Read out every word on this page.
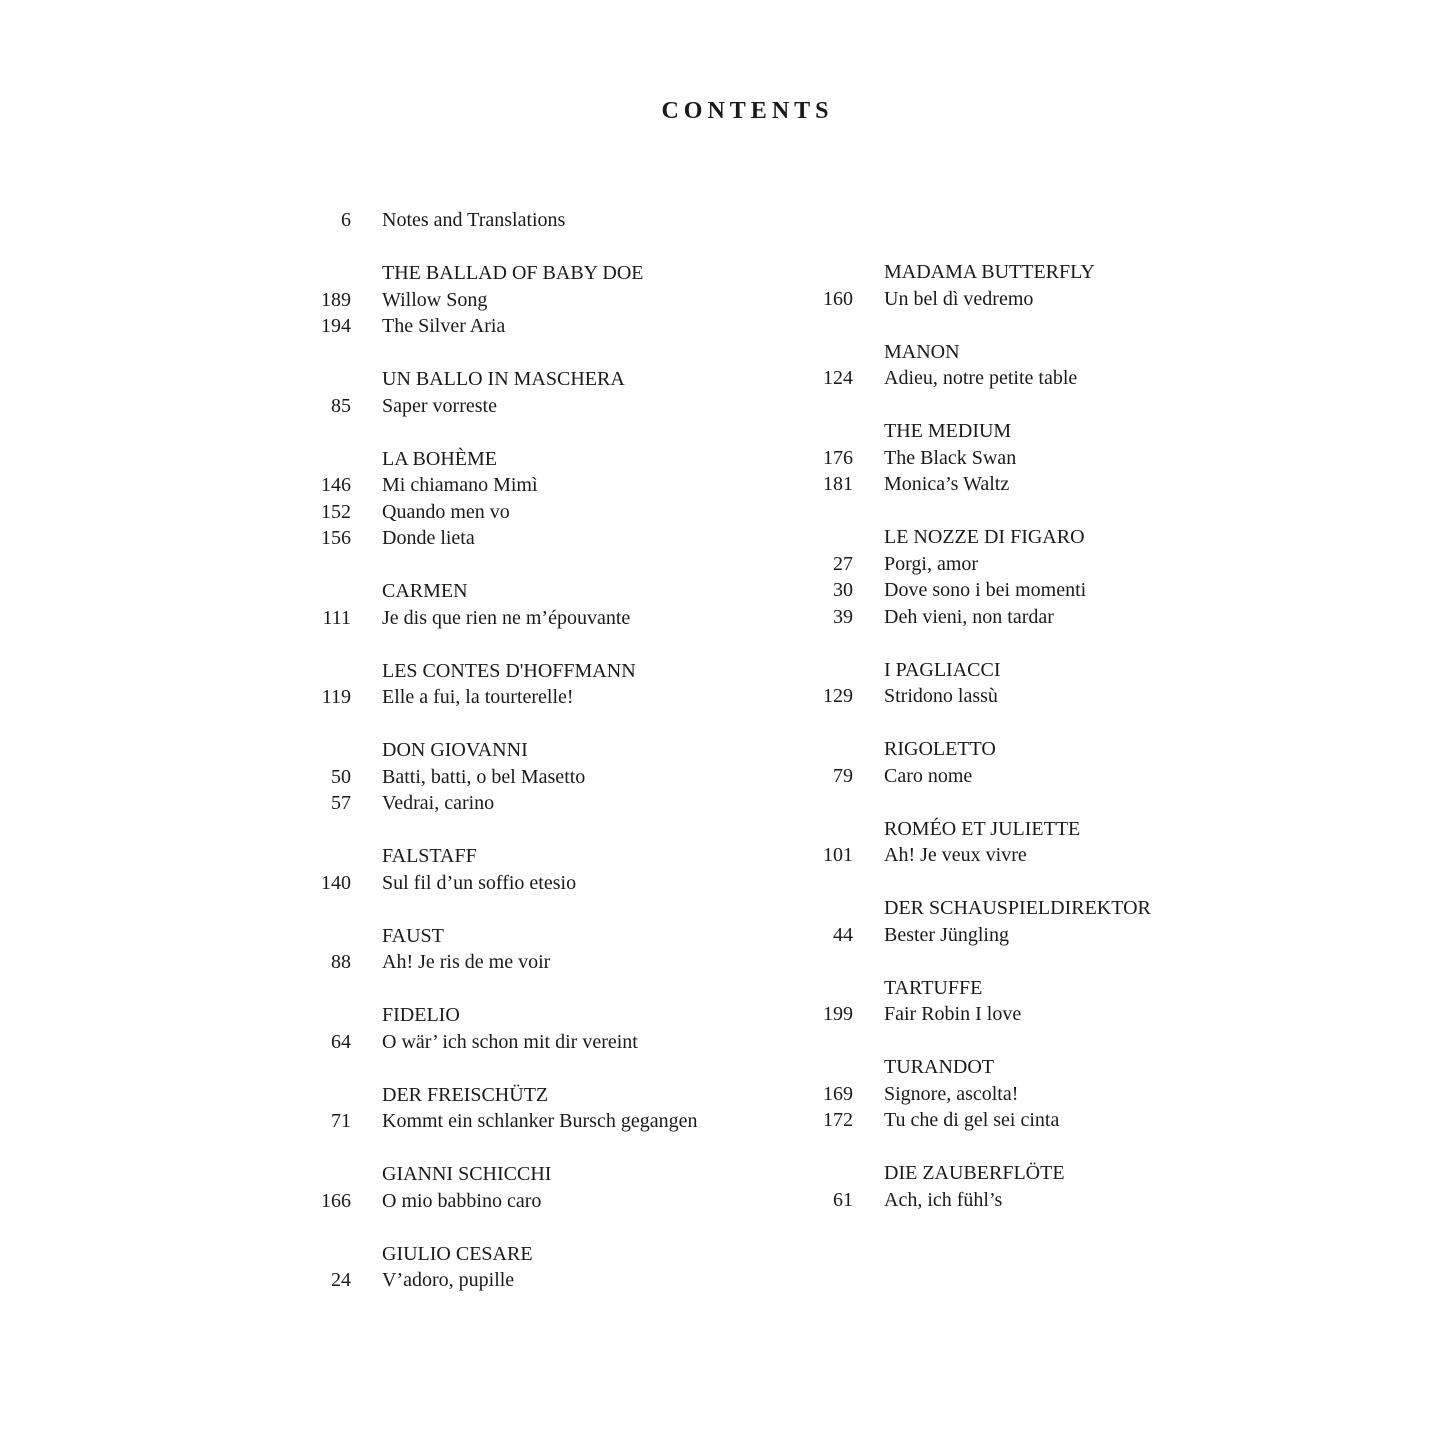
CONTENTS
6 Notes and Translations
THE BALLAD OF BABY DOE
189 Willow Song
194 The Silver Aria
UN BALLO IN MASCHERA
85 Saper vorreste
LA BOHÈME
146 Mi chiamano Mimì
152 Quando men vo
156 Donde lieta
CARMEN
111 Je dis que rien ne m’épouvante
LES CONTES D'HOFFMANN
119 Elle a fui, la tourterelle!
DON GIOVANNI
50 Batti, batti, o bel Masetto
57 Vedrai, carino
FALSTAFF
140 Sul fil d’un soffio etesio
FAUST
88 Ah! Je ris de me voir
FIDELIO
64 O wär’ ich schon mit dir vereint
DER FREISCHÜTZ
71 Kommt ein schlanker Bursch gegangen
GIANNI SCHICCHI
166 O mio babbino caro
GIULIO CESARE
24 V’adoro, pupille
MADAMA BUTTERFLY
160 Un bel dì vedremo
MANON
124 Adieu, notre petite table
THE MEDIUM
176 The Black Swan
181 Monica’s Waltz
LE NOZZE DI FIGARO
27 Porgi, amor
30 Dove sono i bei momenti
39 Deh vieni, non tardar
I PAGLIACCI
129 Stridono lassù
RIGOLETTO
79 Caro nome
ROMÉO ET JULIETTE
101 Ah! Je veux vivre
DER SCHAUSPIELDIREKTOR
44 Bester Jüngling
TARTUFFE
199 Fair Robin I love
TURANDOT
169 Signore, ascolta!
172 Tu che di gel sei cinta
DIE ZAUBERFLÖTE
61 Ach, ich fühl’s
